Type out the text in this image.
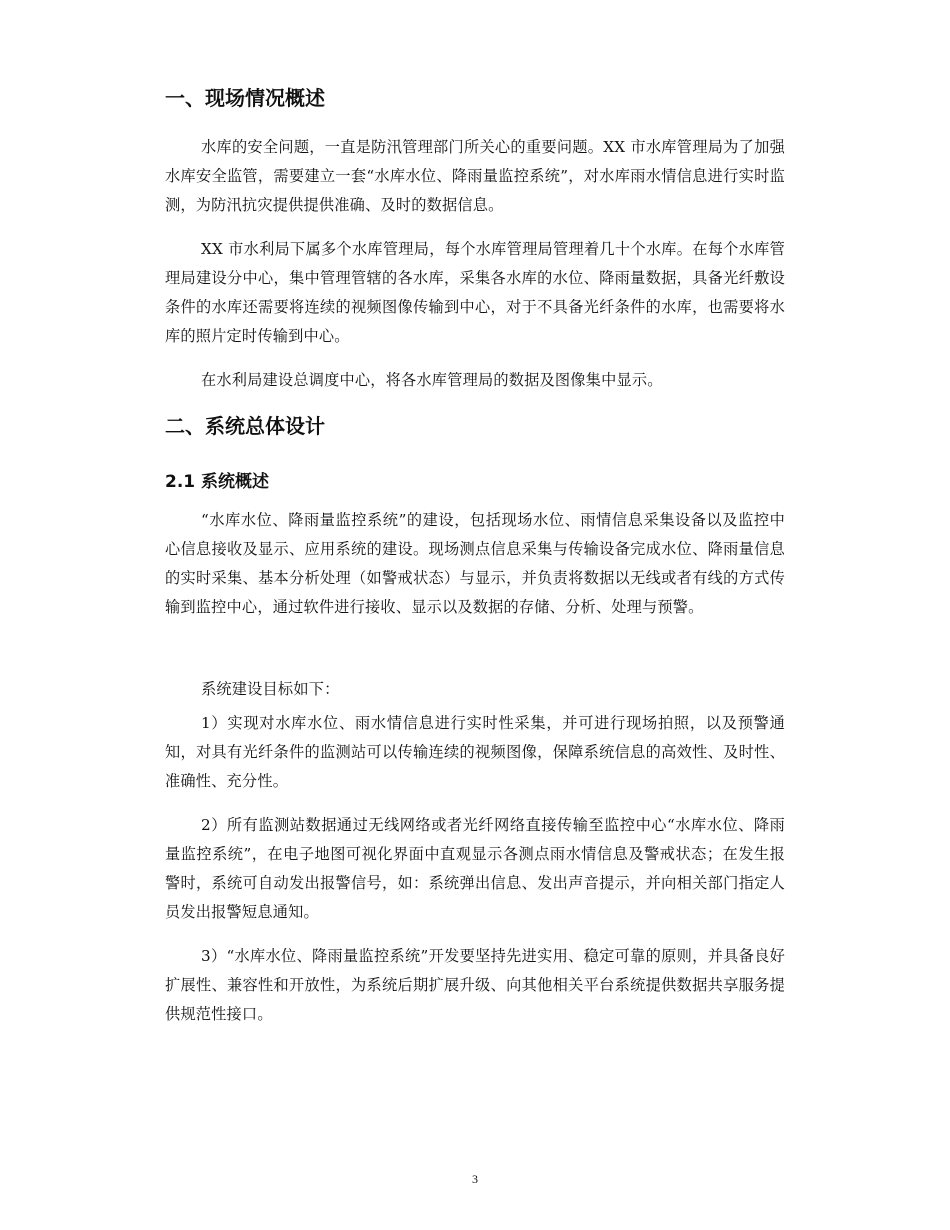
一、现场情况概述

水库的安全问题，一直是防汛管理部门所关心的重要问题。XX 市水库管理局为了加强水库安全监管，需要建立一套“水库水位、降雨量监控系统”，对水库雨水情信息进行实时监测，为防汛抗灾提供提供准确、及时的数据信息。

XX 市水利局下属多个水库管理局，每个水库管理局管理着几十个水库。在每个水库管理局建设分中心，集中管理管辖的各水库，采集各水库的水位、降雨量数据，具备光纤敷设条件的水库还需要将连续的视频图像传输到中心，对于不具备光纤条件的水库，也需要将水库的照片定时传输到中心。

在水利局建设总调度中心，将各水库管理局的数据及图像集中显示。

二、系统总体设计
2.1 系统概述

“水库水位、降雨量监控系统”的建设，包括现场水位、雨情信息采集设备以及监控中心信息接收及显示、应用系统的建设。现场测点信息采集与传输设备完成水位、降雨量信息的实时采集、基本分析处理（如警戒状态）与显示，并负责将数据以无线或者有线的方式传输到监控中心，通过软件进行接收、显示以及数据的存储、分析、处理与预警。

系统建设目标如下：

1）实现对水库水位、雨水情信息进行实时性采集，并可进行现场拍照，以及预警通知，对具有光纤条件的监测站可以传输连续的视频图像，保障系统信息的高效性、及时性、准确性、充分性。

2）所有监测站数据通过无线网络或者光纤网络直接传输至监控中心“水库水位、降雨量监控系统”，在电子地图可视化界面中直观显示各测点雨水情信息及警戒状态；在发生报警时，系统可自动发出报警信号，如：系统弹出信息、发出声音提示，并向相关部门指定人员发出报警短息通知。

3）“水库水位、降雨量监控系统”开发要坚持先进实用、稳定可靠的原则，并具备良好扩展性、兼容性和开放性，为系统后期扩展升级、向其他相关平台系统提供数据共享服务提供规范性接口。

3
